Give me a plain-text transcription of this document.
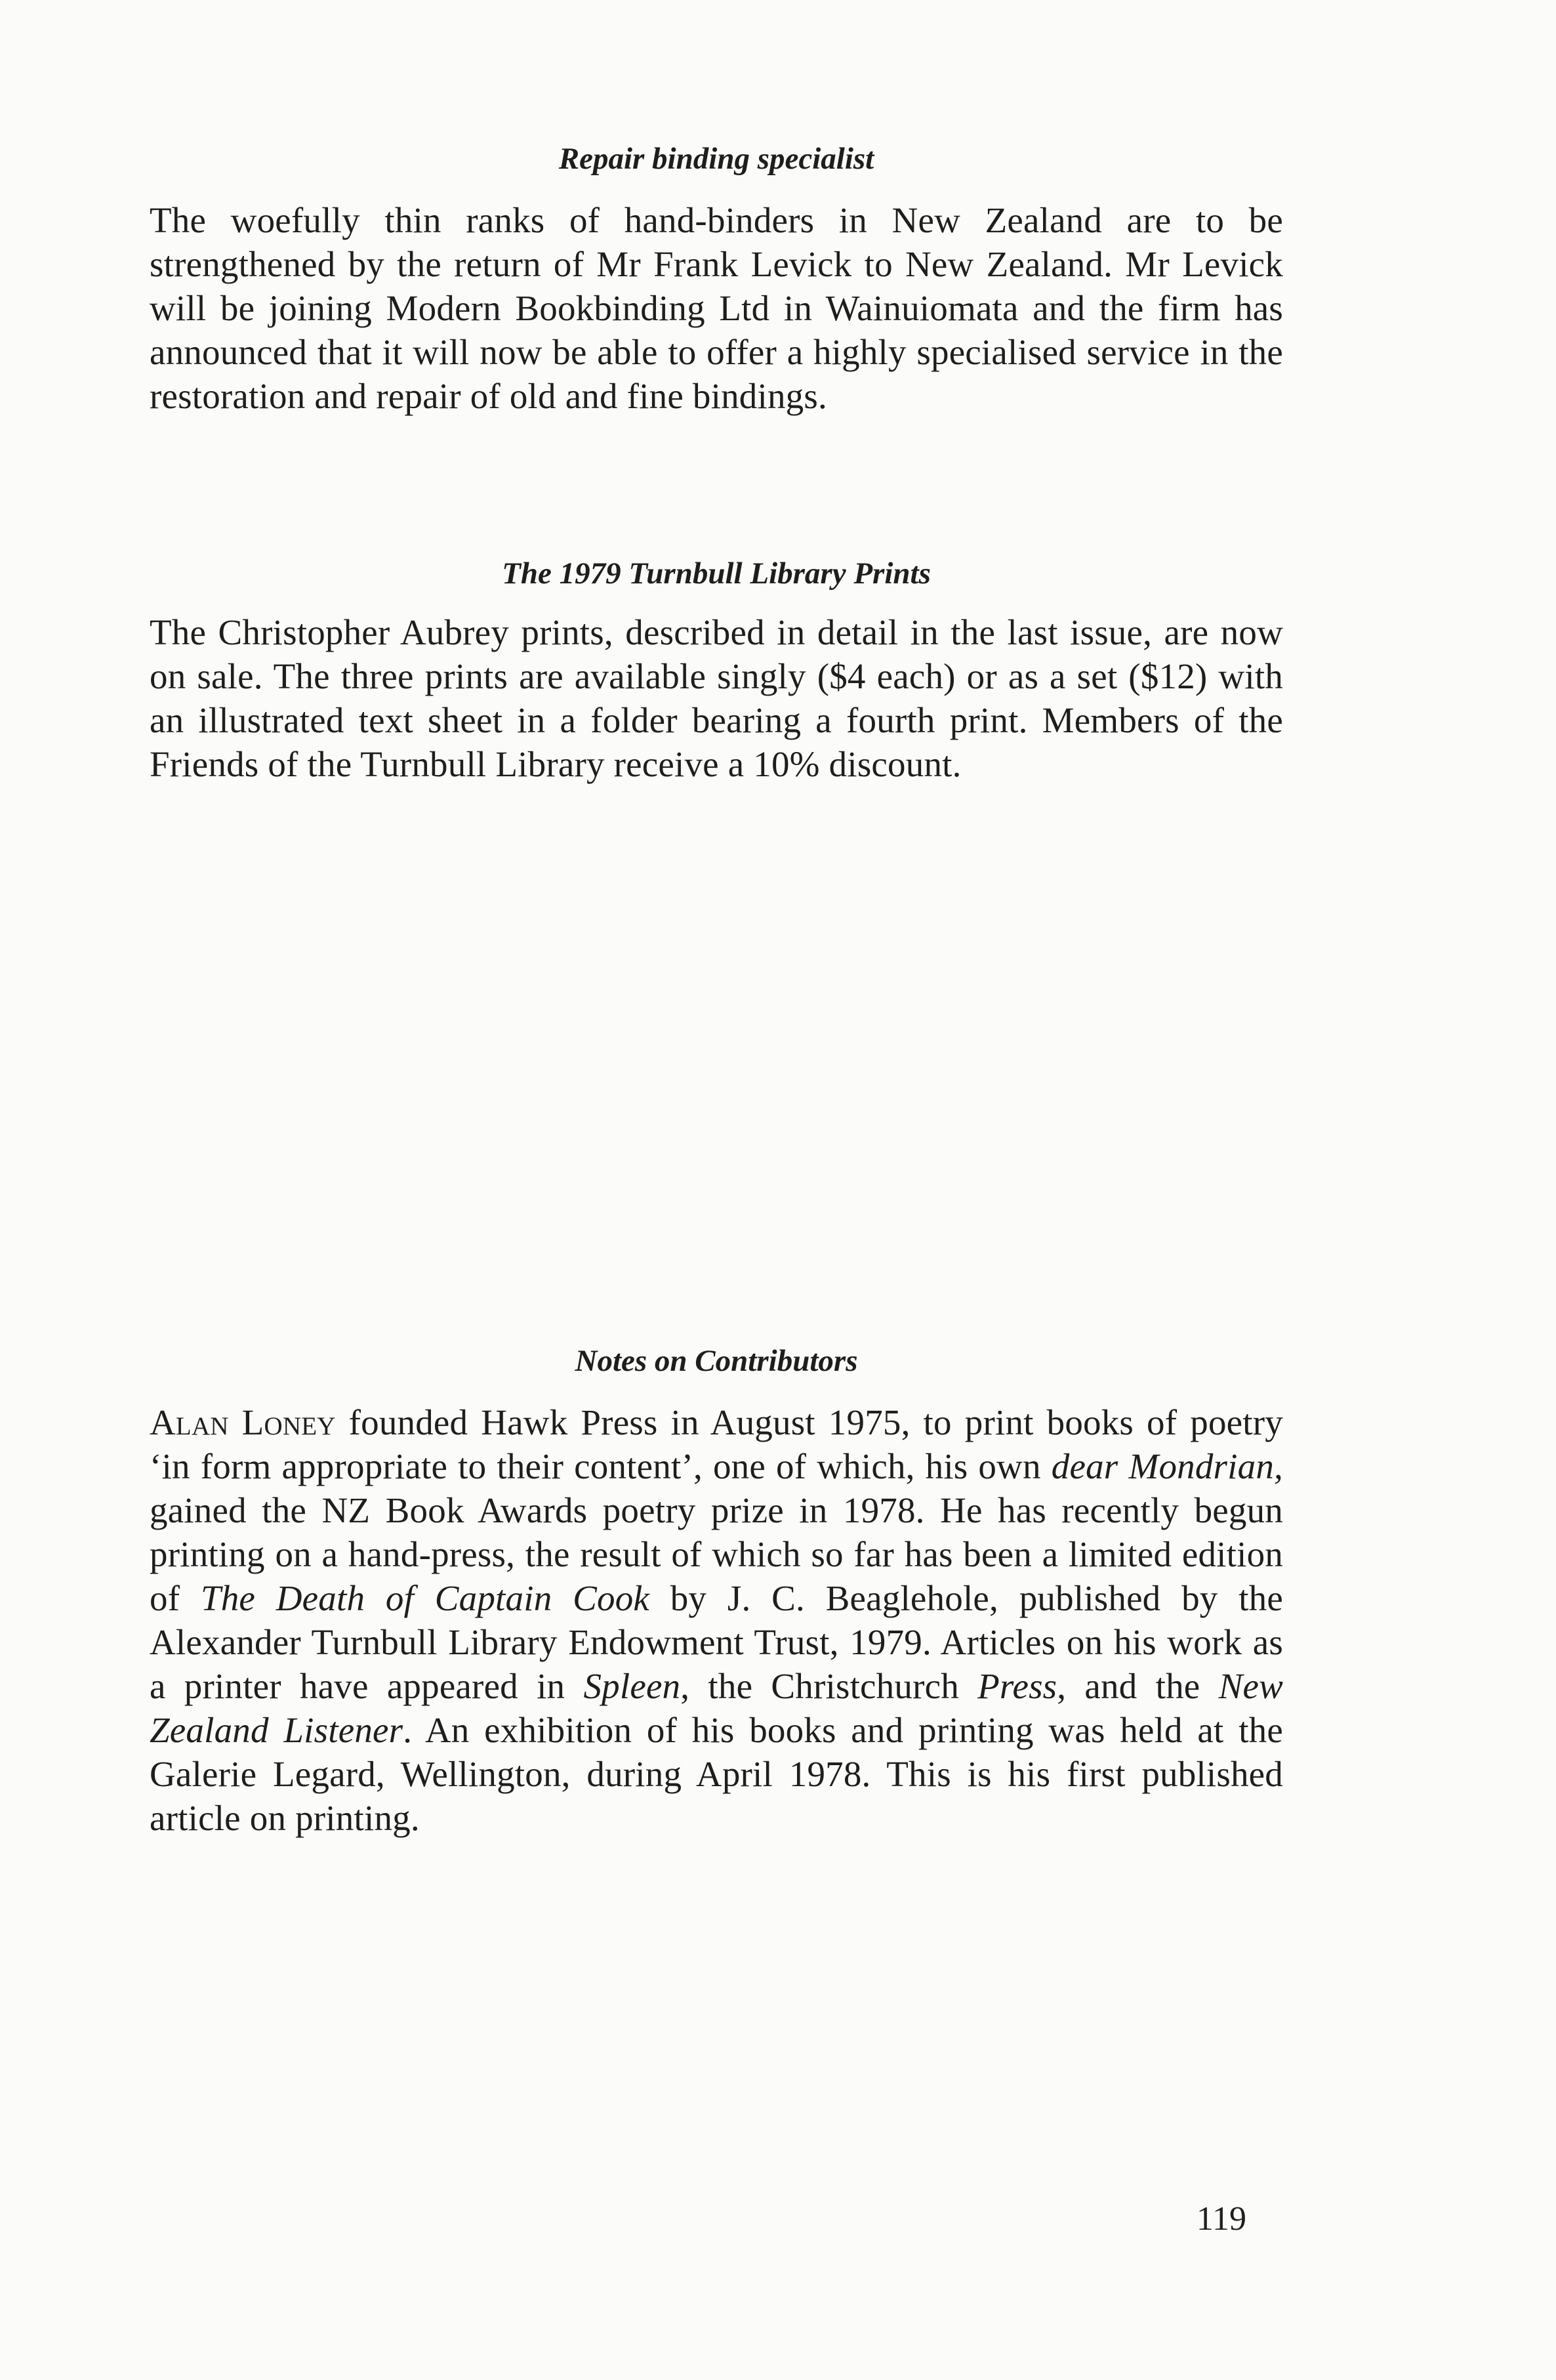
Repair binding specialist

The woefully thin ranks of hand-binders in New Zealand are to be strengthened by the return of Mr Frank Levick to New Zealand. Mr Levick will be joining Modern Bookbinding Ltd in Wainuiomata and the firm has announced that it will now be able to offer a highly specialised service in the restoration and repair of old and fine bindings.

The 1979 Turnbull Library Prints

The Christopher Aubrey prints, described in detail in the last issue, are now on sale. The three prints are available singly ($4 each) or as a set ($12) with an illustrated text sheet in a folder bearing a fourth print. Members of the Friends of the Turnbull Library receive a 10% discount.

Notes on Contributors

Alan Loney founded Hawk Press in August 1975, to print books of poetry ‘in form appropriate to their content’, one of which, his own dear Mondrian, gained the NZ Book Awards poetry prize in 1978. He has recently begun printing on a hand-press, the result of which so far has been a limited edition of The Death of Captain Cook by J. C. Beaglehole, published by the Alexander Turnbull Library Endowment Trust, 1979. Articles on his work as a printer have appeared in Spleen, the Christchurch Press, and the New Zealand Listener. An exhibition of his books and printing was held at the Galerie Legard, Wellington, during April 1978. This is his first published article on printing.

119
